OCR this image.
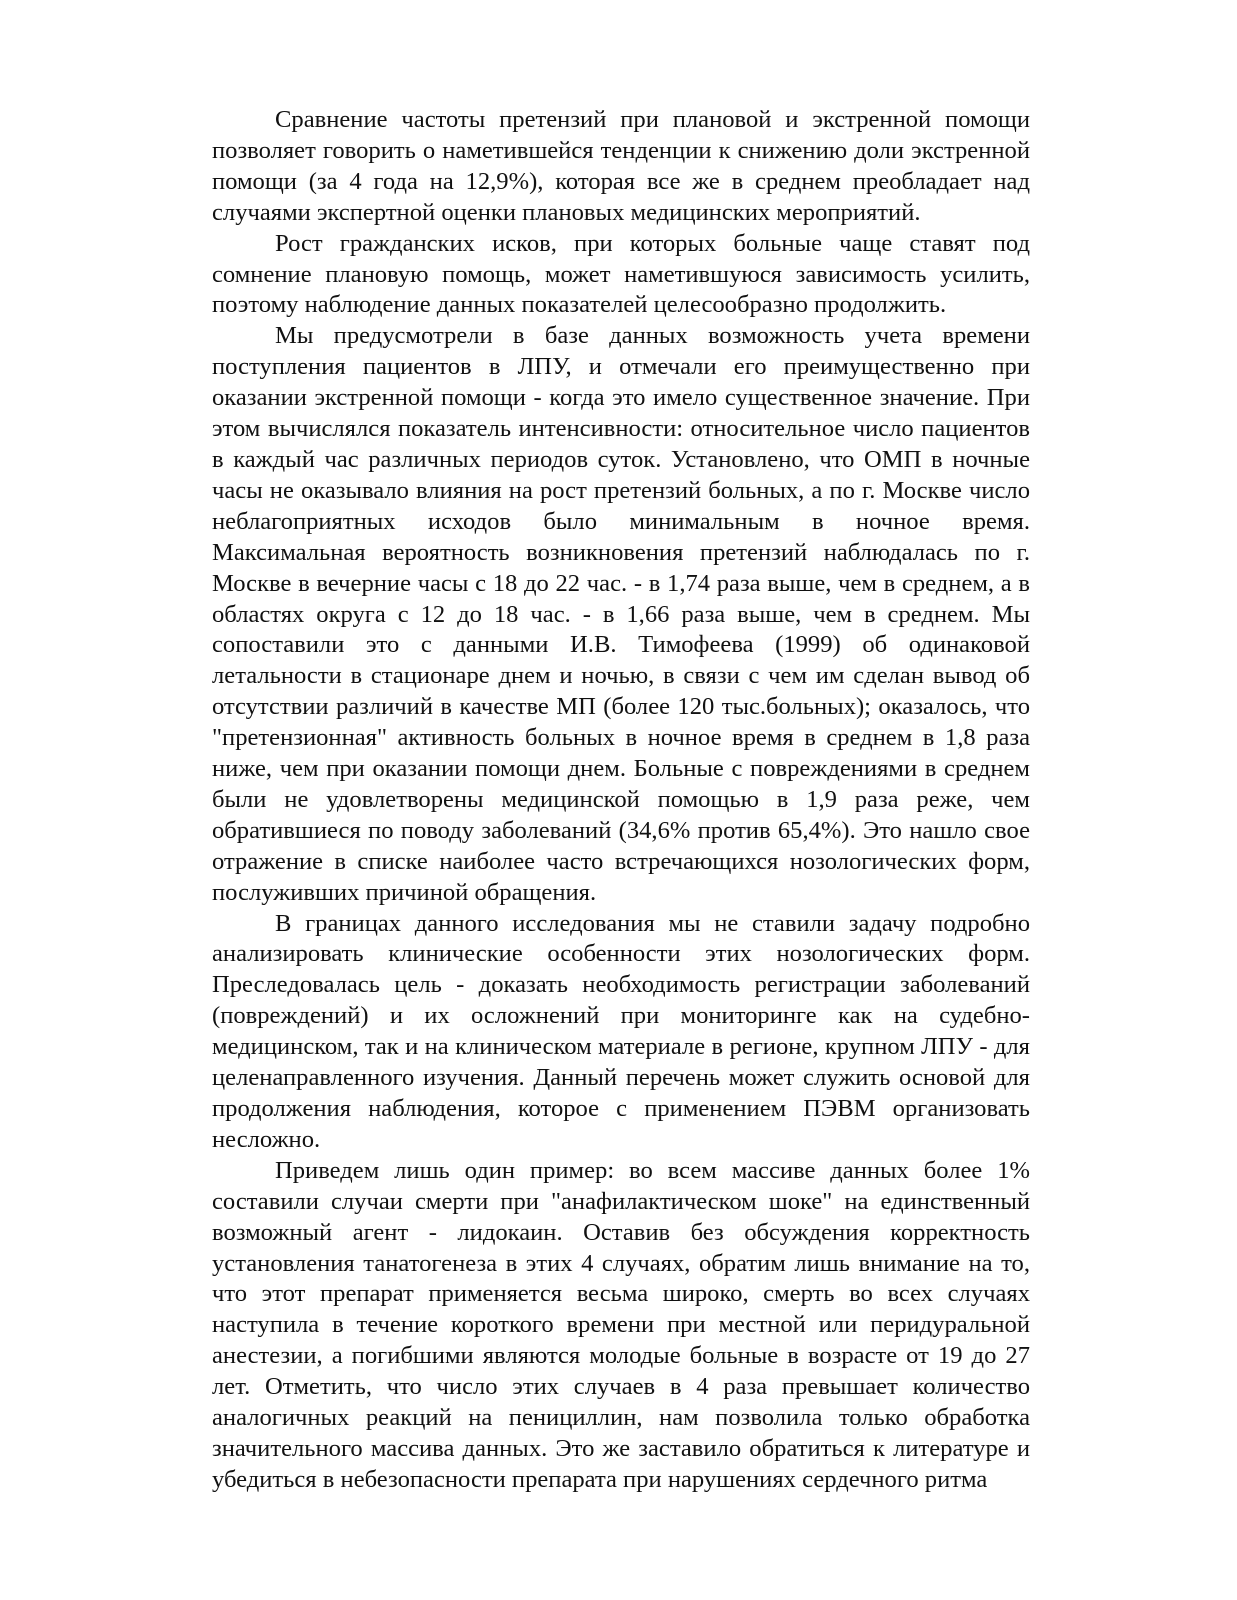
Сравнение частоты претензий при плановой и экстренной помощи позволяет говорить о наметившейся тенденции к снижению доли экстренной помощи (за 4 года на 12,9%), которая все же в среднем преобладает над случаями экспертной оценки плановых медицинских мероприятий.

Рост гражданских исков, при которых больные чаще ставят под сомнение плановую помощь, может наметившуюся зависимость усилить, поэтому наблюдение данных показателей целесообразно продолжить.

Мы предусмотрели в базе данных возможность учета времени поступления пациентов в ЛПУ, и отмечали его преимущественно при оказании экстренной помощи - когда это имело существенное значение. При этом вычислялся показатель интенсивности: относительное число пациентов в каждый час различных периодов суток. Установлено, что ОМП в ночные часы не оказывало влияния на рост претензий больных, а по г. Москве число неблагоприятных исходов было минимальным в ночное время. Максимальная вероятность возникновения претензий наблюдалась по г. Москве в вечерние часы с 18 до 22 час. - в 1,74 раза выше, чем в среднем, а в областях округа с 12 до 18 час. - в 1,66 раза выше, чем в среднем. Мы сопоставили это с данными И.В. Тимофеева (1999) об одинаковой летальности в стационаре днем и ночью, в связи с чем им сделан вывод об отсутствии различий в качестве МП (более 120 тыс.больных); оказалось, что "претензионная" активность больных в ночное время в среднем в 1,8 раза ниже, чем при оказании помощи днем. Больные с повреждениями в среднем были не удовлетворены медицинской помощью в 1,9 раза реже, чем обратившиеся по поводу заболеваний (34,6% против 65,4%). Это нашло свое отражение в списке наиболее часто встречающихся нозологических форм, послуживших причиной обращения.

В границах данного исследования мы не ставили задачу подробно анализировать клинические особенности этих нозологических форм. Преследовалась цель - доказать необходимость регистрации заболеваний (повреждений) и их осложнений при мониторинге как на судебно-медицинском, так и на клиническом материале в регионе, крупном ЛПУ - для целенаправленного изучения. Данный перечень может служить основой для продолжения наблюдения, которое с применением ПЭВМ организовать несложно.

Приведем лишь один пример: во всем массиве данных более 1% составили случаи смерти при "анафилактическом шоке" на единственный возможный агент - лидокаин. Оставив без обсуждения корректность установления танатогенеза в этих 4 случаях, обратим лишь внимание на то, что этот препарат применяется весьма широко, смерть во всех случаях наступила в течение короткого времени при местной или перидуральной анестезии, а погибшими являются молодые больные в возрасте от 19 до 27 лет. Отметить, что число этих случаев в 4 раза превышает количество аналогичных реакций на пенициллин, нам позволила только обработка значительного массива данных. Это же заставило обратиться к литературе и убедиться в небезопасности препарата при нарушениях сердечного ритма
